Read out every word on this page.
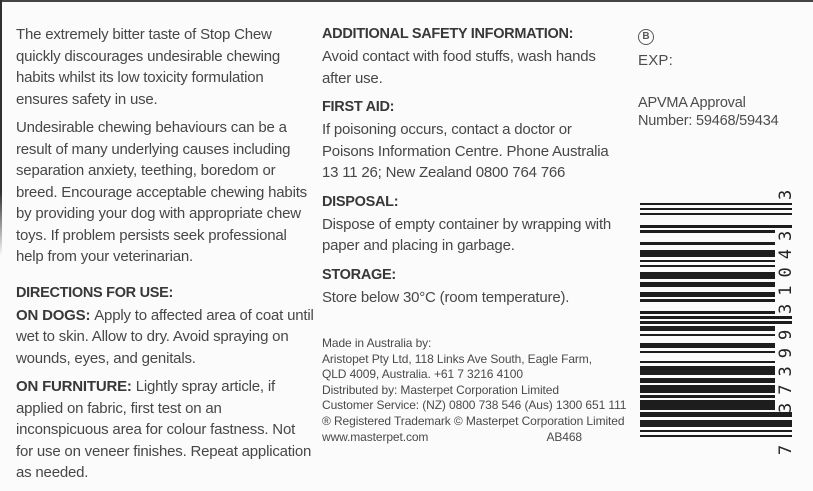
The extremely bitter taste of Stop Chew quickly discourages undesirable chewing habits whilst its low toxicity formulation ensures safety in use.

Undesirable chewing behaviours can be a result of many underlying causes including separation anxiety, teething, boredom or breed. Encourage acceptable chewing habits by providing your dog with appropriate chew toys. If problem persists seek professional help from your veterinarian.

DIRECTIONS FOR USE:

ON DOGS: Apply to affected area of coat until wet to skin. Allow to dry. Avoid spraying on wounds, eyes, and genitals.

ON FURNITURE: Lightly spray article, if applied on fabric, first test on an inconspicuous area for colour fastness. Not for use on veneer finishes. Repeat application as needed.

ADDITIONAL SAFETY INFORMATION:

Avoid contact with food stuffs, wash hands after use.

FIRST AID:

If poisoning occurs, contact a doctor or Poisons Information Centre. Phone Australia 13 11 26; New Zealand 0800 764 766

DISPOSAL:

Dispose of empty container by wrapping with paper and placing in garbage.

STORAGE:

Store below 30°C (room temperature).

Made in Australia by:
Aristopet Pty Ltd, 118 Links Ave South, Eagle Farm,
QLD 4009, Australia. +61 7 3216 4100
Distributed by: Masterpet Corporation Limited
Customer Service: (NZ) 0800 738 546 (Aus) 1300 651 111
® Registered Trademark © Masterpet Corporation Limited
www.masterpet.com	AB468
B
EXP:
APVMA Approval Number: 59468/59434
7
37399
31043
3
